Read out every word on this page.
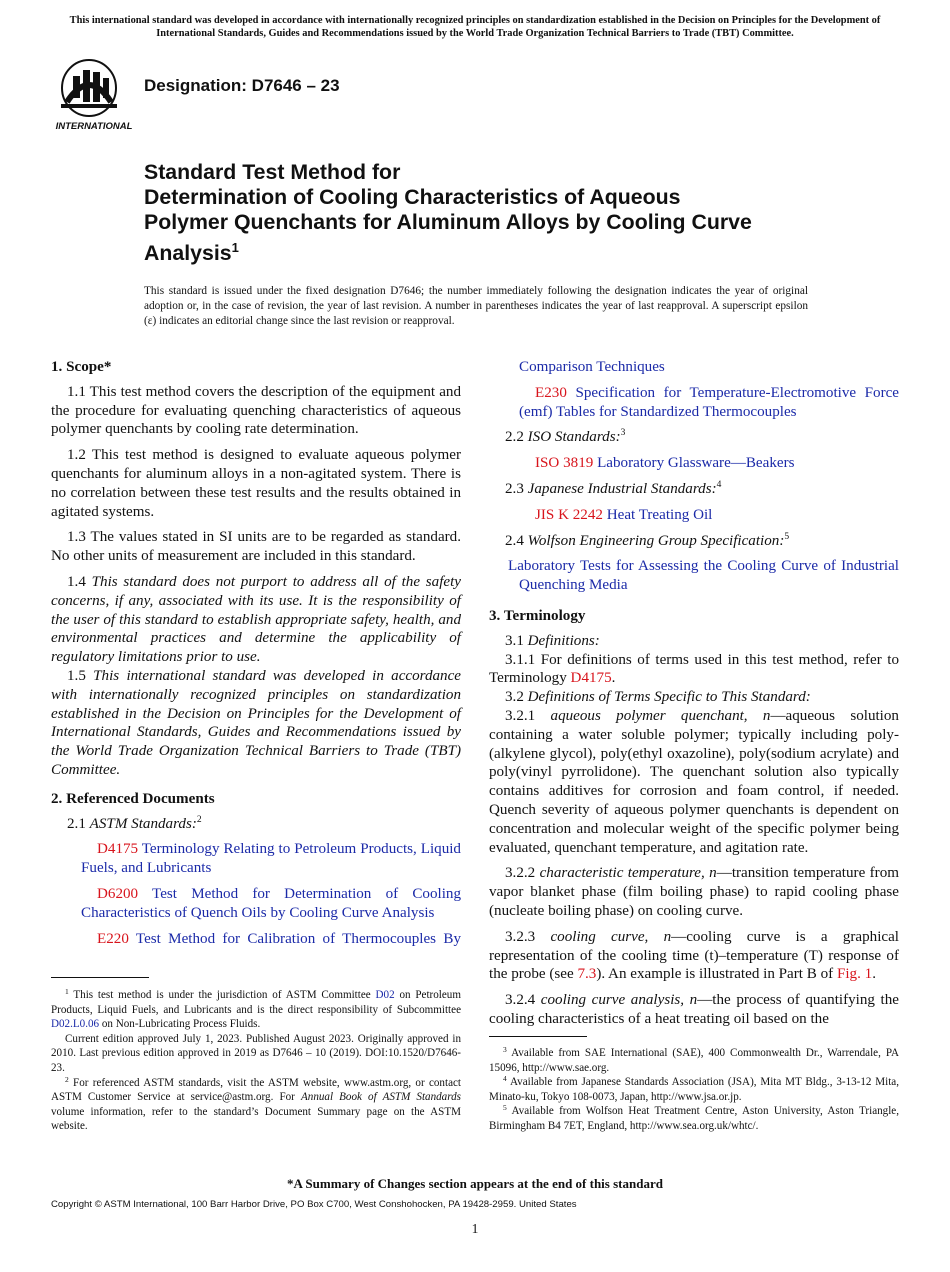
This international standard was developed in accordance with internationally recognized principles on standardization established in the Decision on Principles for the Development of International Standards, Guides and Recommendations issued by the World Trade Organization Technical Barriers to Trade (TBT) Committee.
INTERNATIONAL
Designation: D7646 – 23
Standard Test Method for
Determination of Cooling Characteristics of Aqueous
Polymer Quenchants for Aluminum Alloys by Cooling Curve
Analysis$^1$
This standard is issued under the fixed designation D7646; the number immediately following the designation indicates the year of original adoption or, in the case of revision, the year of last revision. A number in parentheses indicates the year of last reapproval. A superscript epsilon (ε) indicates an editorial change since the last revision or reapproval.
1. Scope*

1.1 This test method covers the description of the equipment and the procedure for evaluating quenching characteristics of aqueous polymer quenchants by cooling rate determination.

1.2 This test method is designed to evaluate aqueous polymer quenchants for aluminum alloys in a non-agitated system. There is no correlation between these test results and the results obtained in agitated systems.

1.3 The values stated in SI units are to be regarded as standard. No other units of measurement are included in this standard.

1.4 This standard does not purport to address all of the safety concerns, if any, associated with its use. It is the responsibility of the user of this standard to establish appropriate safety, health, and environmental practices and determine the applicability of regulatory limitations prior to use.

1.5 This international standard was developed in accordance with internationally recognized principles on standardization established in the Decision on Principles for the Development of International Standards, Guides and Recommendations issued by the World Trade Organization Technical Barriers to Trade (TBT) Committee.

2. Referenced Documents

2.1 ASTM Standards:$^2$

D4175 Terminology Relating to Petroleum Products, Liquid Fuels, and Lubricants

D6200 Test Method for Determination of Cooling Characteristics of Quench Oils by Cooling Curve Analysis

E220 Test Method for Calibration of Thermocouples By

$^1$ This test method is under the jurisdiction of ASTM Committee D02 on Petroleum Products, Liquid Fuels, and Lubricants and is the direct responsibility of Subcommittee D02.L0.06 on Non-Lubricating Process Fluids.

Current edition approved July 1, 2023. Published August 2023. Originally approved in 2010. Last previous edition approved in 2019 as D7646 – 10 (2019). DOI:10.1520/D7646-23.

$^2$ For referenced ASTM standards, visit the ASTM website, www.astm.org, or contact ASTM Customer Service at service@astm.org. For Annual Book of ASTM Standards volume information, refer to the standard’s Document Summary page on the ASTM website.

Comparison Techniques

E230 Specification for Temperature-Electromotive Force (emf) Tables for Standardized Thermocouples

2.2 ISO Standards:$^3$

ISO 3819 Laboratory Glassware—Beakers

2.3 Japanese Industrial Standards:$^4$

JIS K 2242 Heat Treating Oil

2.4 Wolfson Engineering Group Specification:$^5$

Laboratory Tests for Assessing the Cooling Curve of Industrial Quenching Media

3. Terminology

3.1 Definitions:

3.1.1 For definitions of terms used in this test method, refer to Terminology D4175.

3.2 Definitions of Terms Specific to This Standard:

3.2.1 aqueous polymer quenchant, n—aqueous solution containing a water soluble polymer; typically including poly-(alkylene glycol), poly(ethyl oxazoline), poly(sodium acrylate) and poly(vinyl pyrrolidone). The quenchant solution also typically contains additives for corrosion and foam control, if needed. Quench severity of aqueous polymer quenchants is dependent on concentration and molecular weight of the specific polymer being evaluated, quenchant temperature, and agitation rate.

3.2.2 characteristic temperature, n—transition temperature from vapor blanket phase (film boiling phase) to rapid cooling phase (nucleate boiling phase) on cooling curve.

3.2.3 cooling curve, n—cooling curve is a graphical representation of the cooling time (t)–temperature (T) response of the probe (see 7.3). An example is illustrated in Part B of Fig. 1.

3.2.4 cooling curve analysis, n—the process of quantifying the cooling characteristics of a heat treating oil based on the

$^3$ Available from SAE International (SAE), 400 Commonwealth Dr., Warrendale, PA 15096, http://www.sae.org.

$^4$ Available from Japanese Standards Association (JSA), Mita MT Bldg., 3-13-12 Mita, Minato-ku, Tokyo 108-0073, Japan, http://www.jsa.or.jp.

$^5$ Available from Wolfson Heat Treatment Centre, Aston University, Aston Triangle, Birmingham B4 7ET, England, http://www.sea.org.uk/whtc/.

*A Summary of Changes section appears at the end of this standard
Copyright © ASTM International, 100 Barr Harbor Drive, PO Box C700, West Conshohocken, PA 19428-2959. United States
1
